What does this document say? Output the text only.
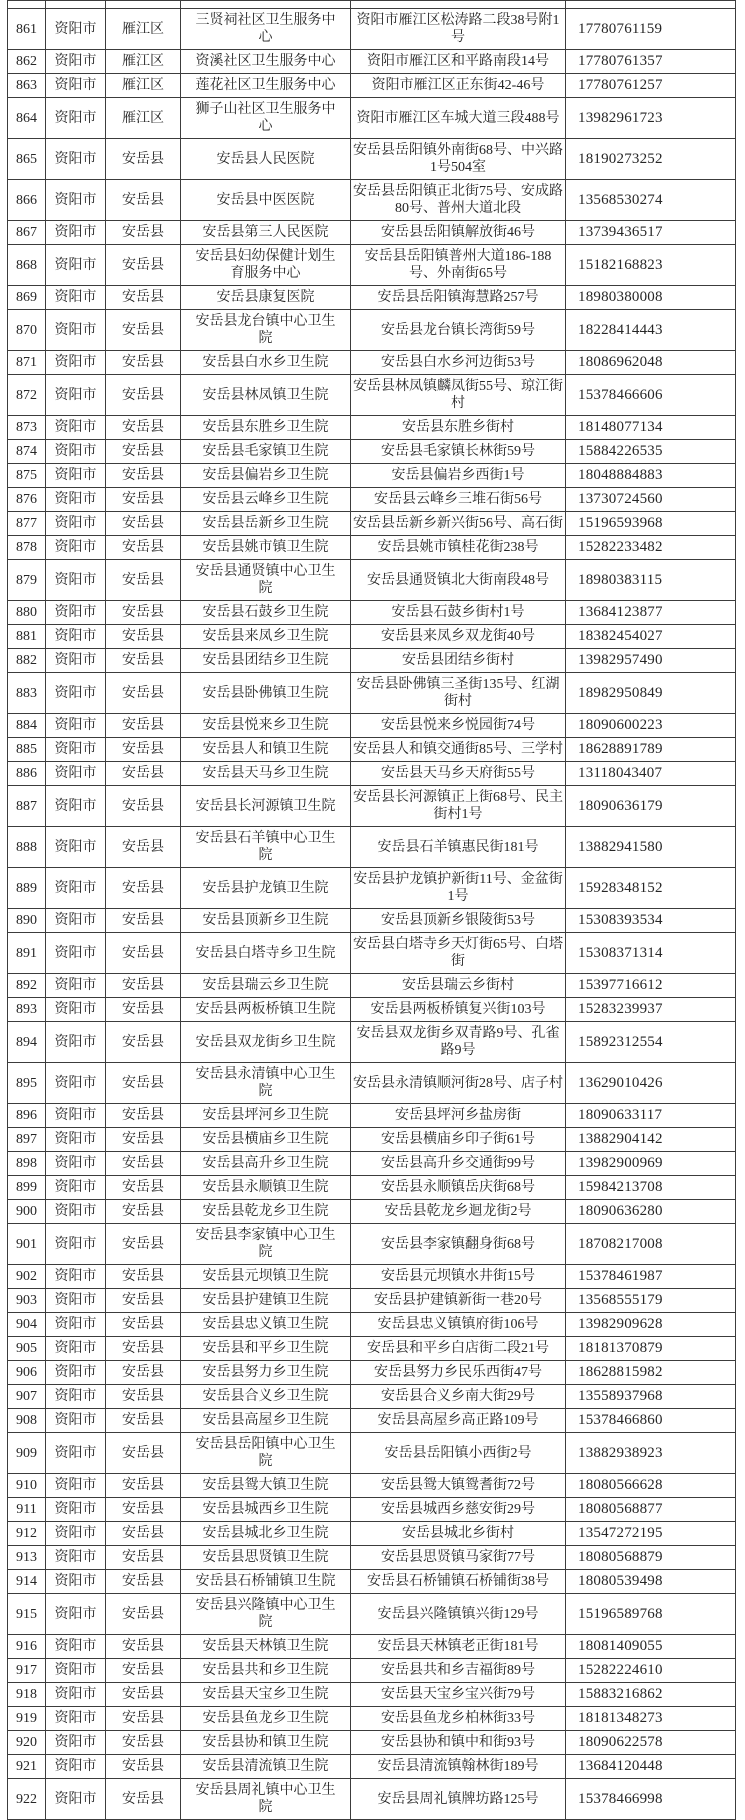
861	资阳市	雁江区	三贤祠社区卫生服务中心	资阳市雁江区松涛路二段38号附1号	17780761159
862	资阳市	雁江区	资溪社区卫生服务中心	资阳市雁江区和平路南段14号	17780761357
863	资阳市	雁江区	莲花社区卫生服务中心	资阳市雁江区正东街42-46号	17780761257
864	资阳市	雁江区	狮子山社区卫生服务中心	资阳市雁江区车城大道三段488号	13982961723
865	资阳市	安岳县	安岳县人民医院	安岳县岳阳镇外南街68号、中兴路1号504室	18190273252
866	资阳市	安岳县	安岳县中医医院	安岳县岳阳镇正北街75号、安成路80号、普州大道北段	13568530274
867	资阳市	安岳县	安岳县第三人民医院	安岳县岳阳镇解放街46号	13739436517
868	资阳市	安岳县	安岳县妇幼保健计划生育服务中心	安岳县岳阳镇普州大道186-188号、外南街65号	15182168823
869	资阳市	安岳县	安岳县康复医院	安岳县岳阳镇海慧路257号	18980380008
870	资阳市	安岳县	安岳县龙台镇中心卫生院	安岳县龙台镇长湾街59号	18228414443
871	资阳市	安岳县	安岳县白水乡卫生院	安岳县白水乡河边街53号	18086962048
872	资阳市	安岳县	安岳县林凤镇卫生院	安岳县林凤镇麟凤街55号、琼江街村	15378466606
873	资阳市	安岳县	安岳县东胜乡卫生院	安岳县东胜乡街村	18148077134
874	资阳市	安岳县	安岳县毛家镇卫生院	安岳县毛家镇长林街59号	15884226535
875	资阳市	安岳县	安岳县偏岩乡卫生院	安岳县偏岩乡西街1号	18048884883
876	资阳市	安岳县	安岳县云峰乡卫生院	安岳县云峰乡三堆石街56号	13730724560
877	资阳市	安岳县	安岳县岳新乡卫生院	安岳县岳新乡新兴街56号、高石街	15196593968
878	资阳市	安岳县	安岳县姚市镇卫生院	安岳县姚市镇桂花街238号	15282233482
879	资阳市	安岳县	安岳县通贤镇中心卫生院	安岳县通贤镇北大街南段48号	18980383115
880	资阳市	安岳县	安岳县石鼓乡卫生院	安岳县石鼓乡街村1号	13684123877
881	资阳市	安岳县	安岳县来凤乡卫生院	安岳县来凤乡双龙街40号	18382454027
882	资阳市	安岳县	安岳县团结乡卫生院	安岳县团结乡街村	13982957490
883	资阳市	安岳县	安岳县卧佛镇卫生院	安岳县卧佛镇三圣街135号、红湖街村	18982950849
884	资阳市	安岳县	安岳县悦来乡卫生院	安岳县悦来乡悦园街74号	18090600223
885	资阳市	安岳县	安岳县人和镇卫生院	安岳县人和镇交通街85号、三学村	18628891789
886	资阳市	安岳县	安岳县天马乡卫生院	安岳县天马乡天府街55号	13118043407
887	资阳市	安岳县	安岳县长河源镇卫生院	安岳县长河源镇正上街68号、民主街村1号	18090636179
888	资阳市	安岳县	安岳县石羊镇中心卫生院	安岳县石羊镇惠民街181号	13882941580
889	资阳市	安岳县	安岳县护龙镇卫生院	安岳县护龙镇护新街11号、金盆街1号	15928348152
890	资阳市	安岳县	安岳县顶新乡卫生院	安岳县顶新乡银陵街53号	15308393534
891	资阳市	安岳县	安岳县白塔寺乡卫生院	安岳县白塔寺乡天灯街65号、白塔街	15308371314
892	资阳市	安岳县	安岳县瑞云乡卫生院	安岳县瑞云乡街村	15397716612
893	资阳市	安岳县	安岳县两板桥镇卫生院	安岳县两板桥镇复兴街103号	15283239937
894	资阳市	安岳县	安岳县双龙街乡卫生院	安岳县双龙街乡双青路9号、孔雀路9号	15892312554
895	资阳市	安岳县	安岳县永清镇中心卫生院	安岳县永清镇顺河街28号、店子村	13629010426
896	资阳市	安岳县	安岳县坪河乡卫生院	安岳县坪河乡盐房街	18090633117
897	资阳市	安岳县	安岳县横庙乡卫生院	安岳县横庙乡印子街61号	13882904142
898	资阳市	安岳县	安岳县高升乡卫生院	安岳县高升乡交通街99号	13982900969
899	资阳市	安岳县	安岳县永顺镇卫生院	安岳县永顺镇岳庆街68号	15984213708
900	资阳市	安岳县	安岳县乾龙乡卫生院	安岳县乾龙乡迴龙街2号	18090636280
901	资阳市	安岳县	安岳县李家镇中心卫生院	安岳县李家镇翻身街68号	18708217008
902	资阳市	安岳县	安岳县元坝镇卫生院	安岳县元坝镇水井街15号	15378461987
903	资阳市	安岳县	安岳县护建镇卫生院	安岳县护建镇新街一巷20号	13568555179
904	资阳市	安岳县	安岳县忠义镇卫生院	安岳县忠义镇镇府街106号	13982909628
905	资阳市	安岳县	安岳县和平乡卫生院	安岳县和平乡白店街二段21号	18181370879
906	资阳市	安岳县	安岳县努力乡卫生院	安岳县努力乡民乐西街47号	18628815982
907	资阳市	安岳县	安岳县合义乡卫生院	安岳县合义乡南大街29号	13558937968
908	资阳市	安岳县	安岳县高屋乡卫生院	安岳县高屋乡高正路109号	15378466860
909	资阳市	安岳县	安岳县岳阳镇中心卫生院	安岳县岳阳镇小西街2号	13882938923
910	资阳市	安岳县	安岳县鸳大镇卫生院	安岳县鸳大镇鸳耆街72号	18080566628
911	资阳市	安岳县	安岳县城西乡卫生院	安岳县城西乡慈安街29号	18080568877
912	资阳市	安岳县	安岳县城北乡卫生院	安岳县城北乡街村	13547272195
913	资阳市	安岳县	安岳县思贤镇卫生院	安岳县思贤镇马家街77号	18080568879
914	资阳市	安岳县	安岳县石桥铺镇卫生院	安岳县石桥铺镇石桥铺街38号	18080539498
915	资阳市	安岳县	安岳县兴隆镇中心卫生院	安岳县兴隆镇镇兴街129号	15196589768
916	资阳市	安岳县	安岳县天林镇卫生院	安岳县天林镇老正街181号	18081409055
917	资阳市	安岳县	安岳县共和乡卫生院	安岳县共和乡吉福街89号	15282224610
918	资阳市	安岳县	安岳县天宝乡卫生院	安岳县天宝乡宝兴街79号	15883216862
919	资阳市	安岳县	安岳县鱼龙乡卫生院	安岳县鱼龙乡柏林街33号	18181348273
920	资阳市	安岳县	安岳县协和镇卫生院	安岳县协和镇中和街93号	18090622578
921	资阳市	安岳县	安岳县清流镇卫生院	安岳县清流镇翰林街189号	13684120448
922	资阳市	安岳县	安岳县周礼镇中心卫生院	安岳县周礼镇牌坊路125号	15378466998
